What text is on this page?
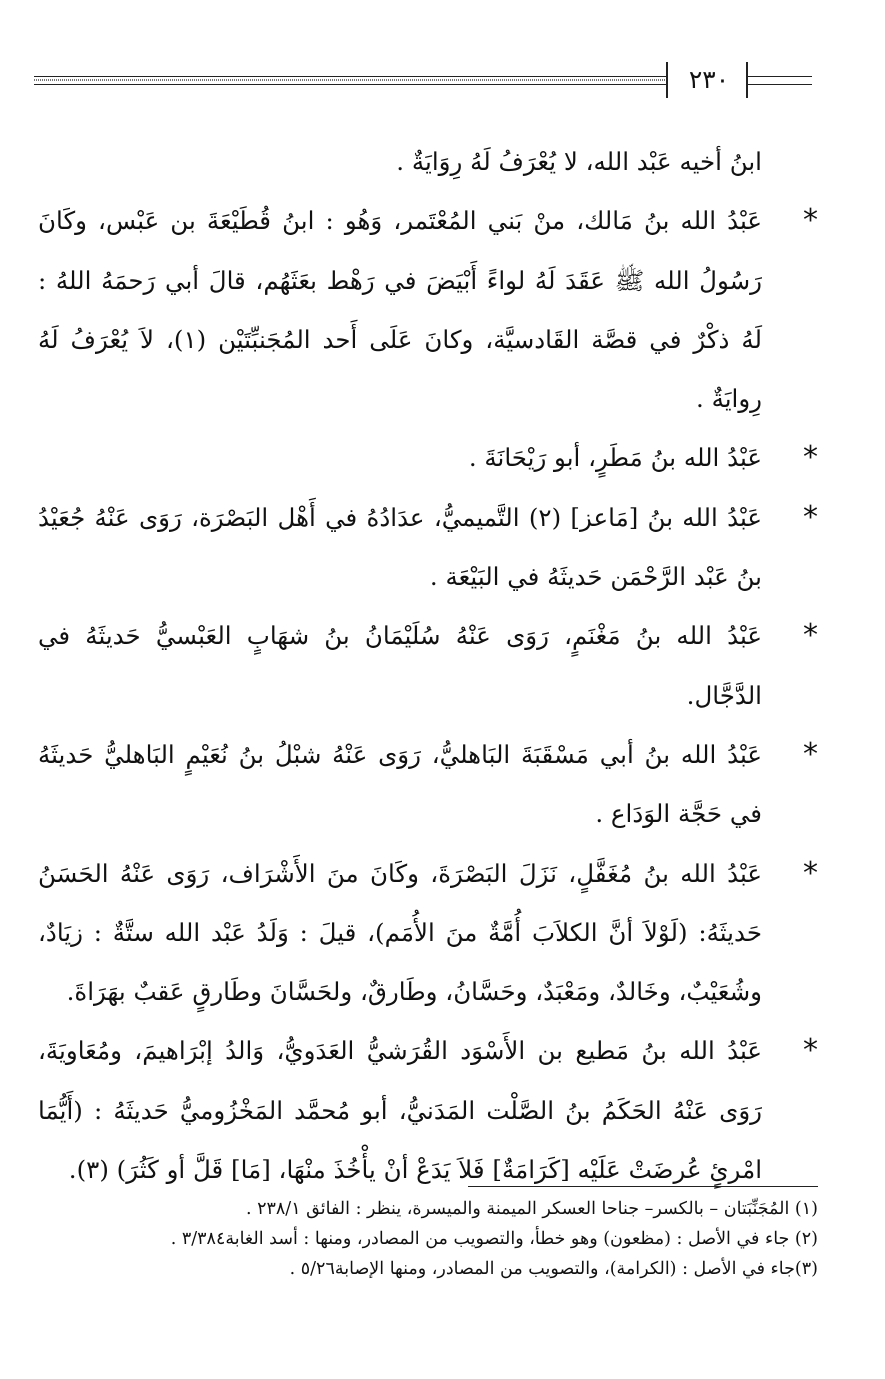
٢٣٠
ابنُ أخيه عَبْد الله، لا يُعْرَفُ لَهُ رِوَايَةٌ .
*
عَبْدُ الله بنُ مَالك، منْ بَني المُعْتَمر، وَهُو : ابنُ قُطَيْعَةَ بن عَبْس، وكَانَ رَسُولُ الله ﷺ عَقَدَ لَهُ لواءً أَبْيَضَ في رَهْط بعَثَهُم، قالَ أبي رَحمَهُ اللهُ : لَهُ ذكْرٌ في قصَّة القَادسيَّة، وكانَ عَلَى أَحد المُجَنبِّتَيْن (١)، لاَ يُعْرَفُ لَهُ رِوايَةٌ .
*
عَبْدُ الله بنُ مَطَرٍ، أبو رَيْحَانَةَ .
*
عَبْدُ الله بنُ [مَاعز] (٢) التَّميميُّ، عدَادُهُ في أَهْل البَصْرَة، رَوَى عَنْهُ جُعَيْدُ بنُ عَبْد الرَّحْمَن حَديثَهُ في البَيْعَة .
*
عَبْدُ الله بنُ مَغْنَمٍ، رَوَى عَنْهُ سُلَيْمَانُ بنُ شهَابٍ العَبْسيُّ حَديثَهُ في الدَّجَّال.
*
عَبْدُ الله بنُ أبي مَسْقَبَةَ البَاهليُّ، رَوَى عَنْهُ شبْلُ بنُ نُعَيْمٍ البَاهليُّ حَديثَهُ في حَجَّة الوَدَاع .
*
عَبْدُ الله بنُ مُغَفَّلٍ، نَزَلَ البَصْرَةَ، وكَانَ منَ الأَشْرَاف، رَوَى عَنْهُ الحَسَنُ حَديثَهُ: (لَوْلاَ أنَّ الكلاَبَ أُمَّةٌ منَ الأُمَم)، قيلَ : وَلَدُ عَبْد الله ستَّةٌ : زيَادٌ، وشُعَيْبٌ، وخَالدٌ، ومَعْبَدٌ، وحَسَّانُ، وطَارقٌ، ولحَسَّانَ وطَارقٍ عَقبٌ بهَرَاةَ.
*
عَبْدُ الله بنُ مَطيع بن الأَسْوَد القُرَشيُّ العَدَويُّ، وَالدُ إبْرَاهيمَ، ومُعَاويَةَ، رَوَى عَنْهُ الحَكَمُ بنُ الصَّلْت المَدَنيُّ، أبو مُحمَّد المَخْزُوميُّ حَديثَهُ : (أَيُّمَا امْرئٍ عُرضَتْ عَلَيْه [كَرَامَةٌ] فَلاَ يَدَعْ أنْ يأْخُذَ منْهَا، [مَا] قَلَّ أو كَثُرَ) (٣).
(١) المُجَنِّبَتان – بالكسر– جناحا العسكر الميمنة والميسرة، ينظر : الفائق ٢٣٨/١ .
(٢) جاء في الأصل : (مظعون) وهو خطأ، والتصويب من المصادر، ومنها : أسد الغابة٣/٣٨٤ .
(٣)جاء في الأصل : (الكرامة)، والتصويب من المصادر، ومنها الإصابة٥/٢٦ .
